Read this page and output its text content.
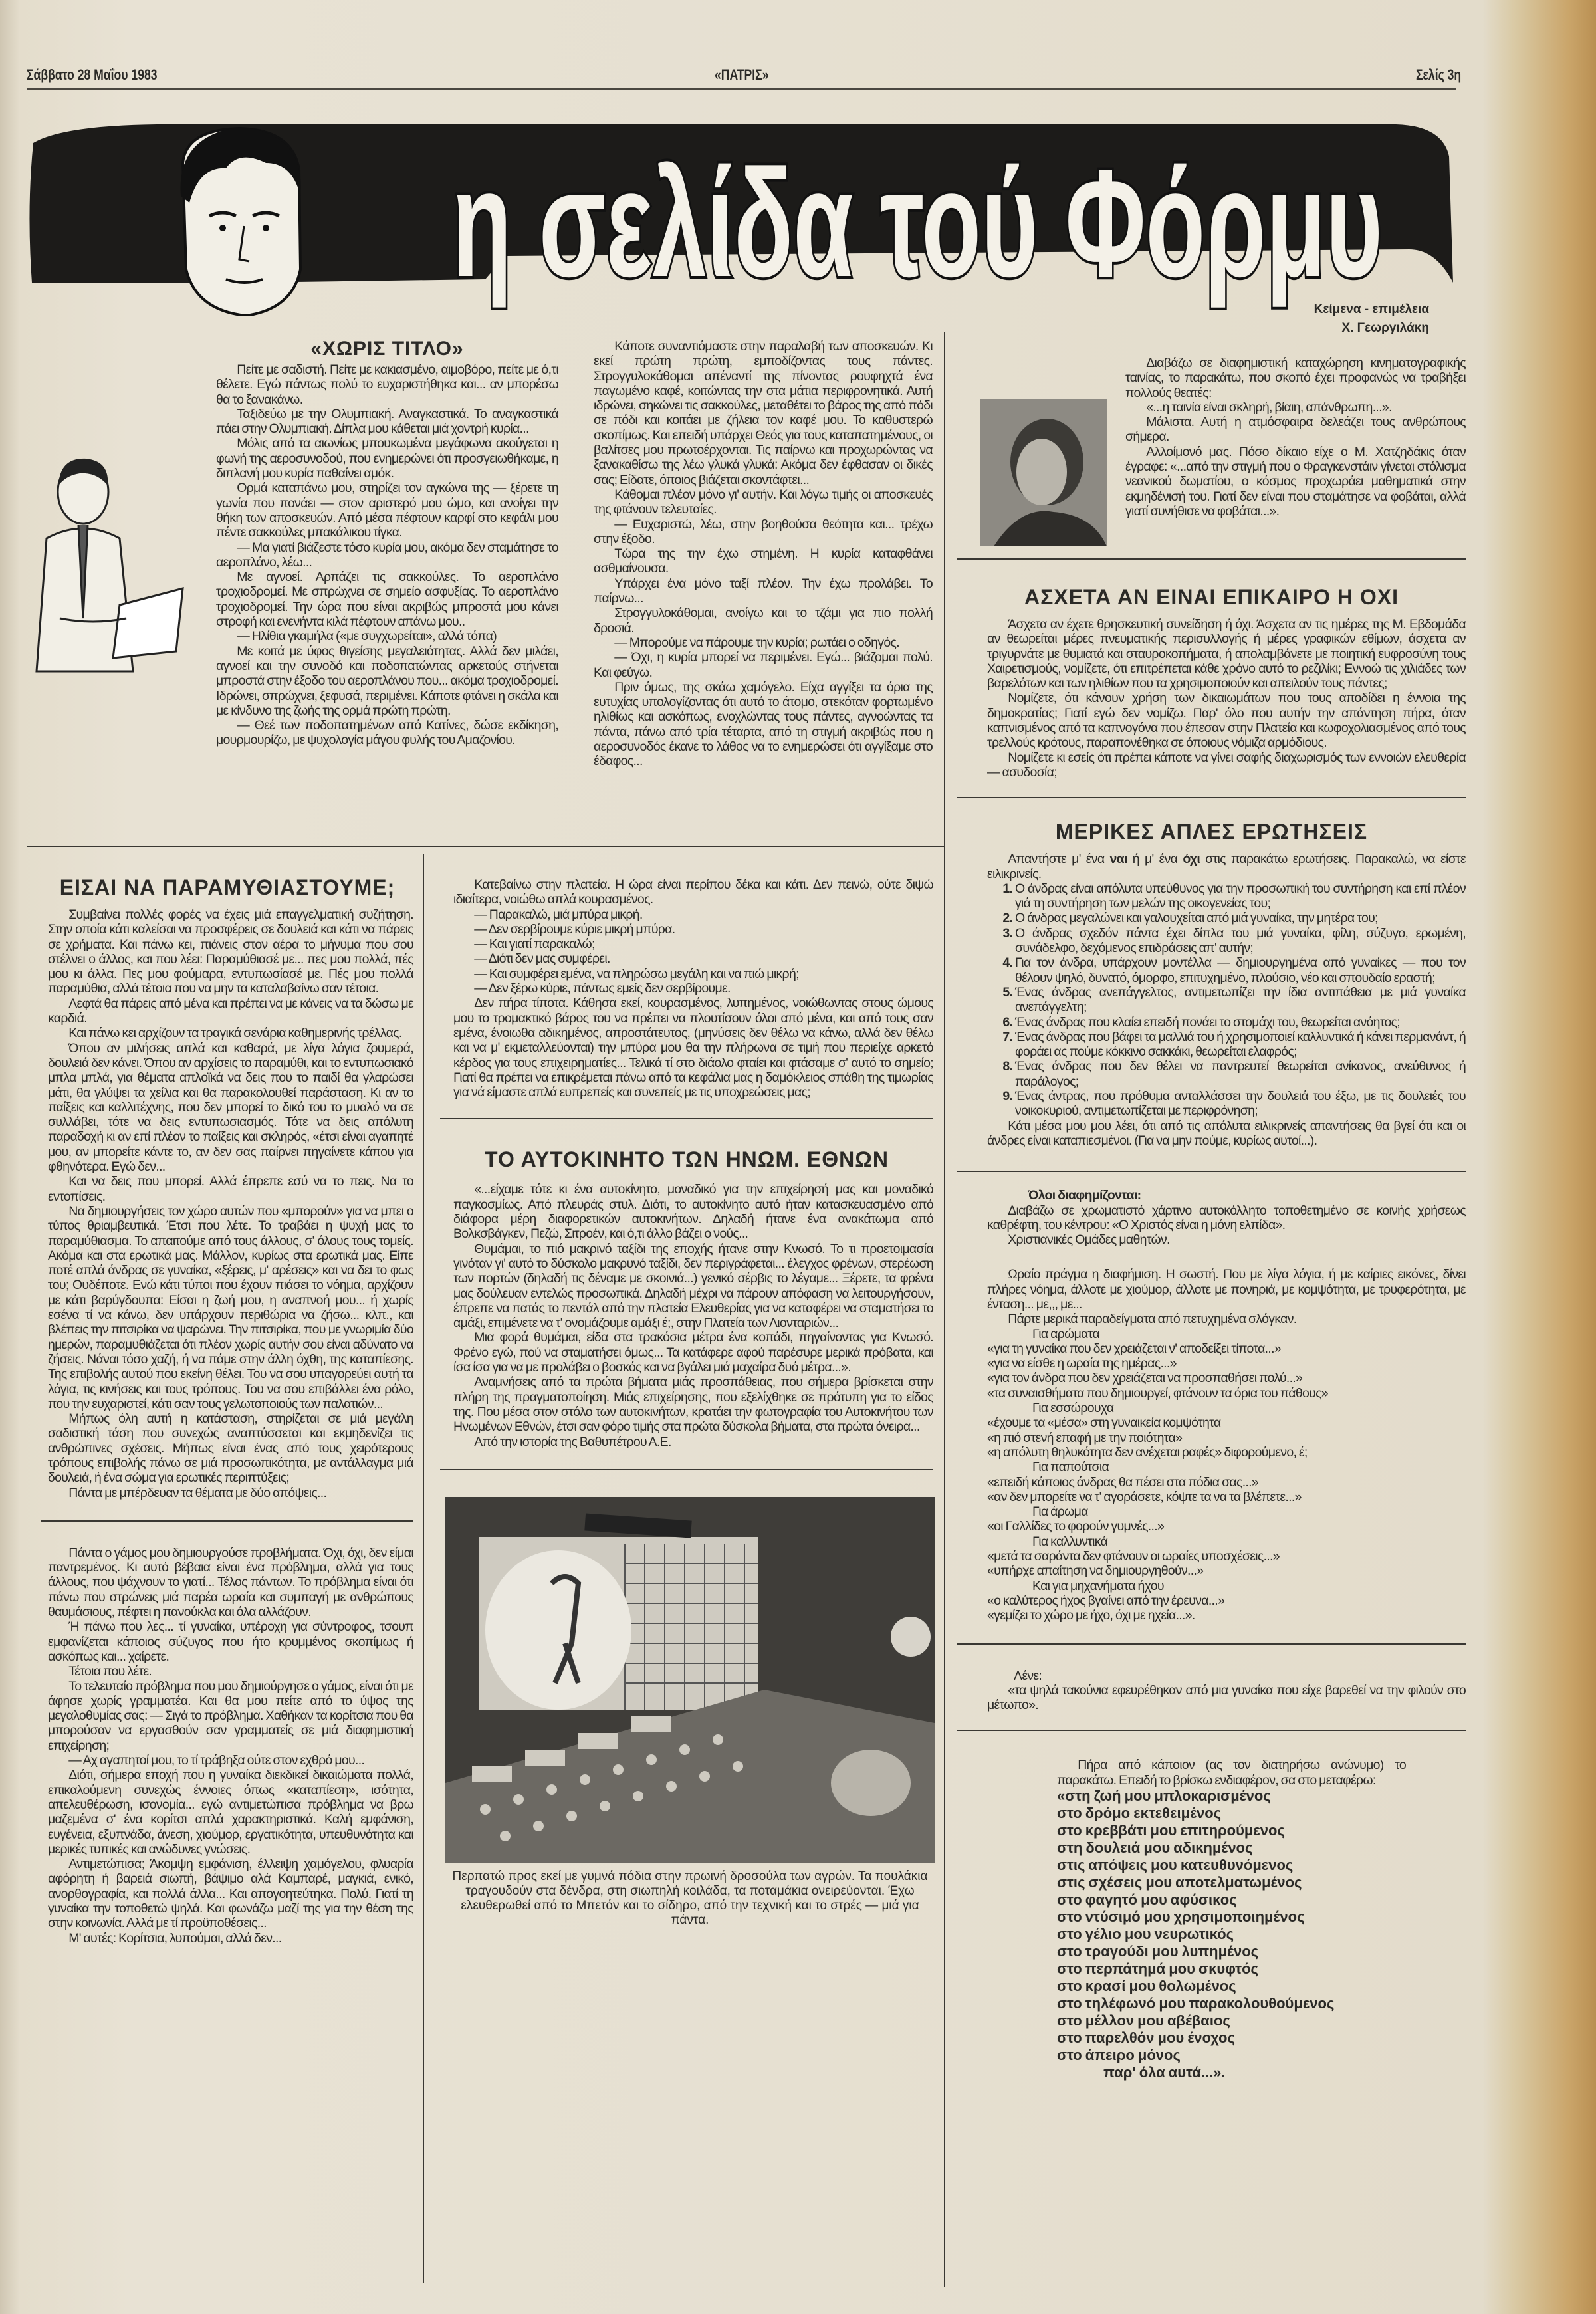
Σάββατο 28 Μαΐου 1983	«ΠΑΤΡΙΣ»	Σελίς 3η
η σελίδα τού Φόρμυ
Κείμενα - επιμέλεια
Χ. Γεωργιλάκη
«ΧΩΡΙΣ ΤΙΤΛΟ»

Πείτε με σαδιστή. Πείτε με κακιασμένο, αιμοβόρο, πείτε με ό,τι θέλετε. Εγώ πάντως πολύ το ευχαριστήθηκα και... αν μπορέσω θα το ξανακάνω.

Ταξιδεύω με την Ολυμπιακή. Αναγκαστικά. Το αναγκαστικά πάει στην Ολυμπιακή. Δίπλα μου κάθεται μιά χοντρή κυρία...

Μόλις από τα αιωνίως μπουκωμένα μεγάφωνα ακούγεται η φωνή της αεροσυνοδού, που ενημερώνει ότι προσγειωθήκαμε, η διπλανή μου κυρία παθαίνει αμόκ.

Ορμά καταπάνω μου, στηρίζει τον αγκώνα της — ξέρετε τη γωνία που πονάει — στον αριστερό μου ώμο, και ανοίγει την θήκη των αποσκευών. Από μέσα πέφτουν καρφί στο κεφάλι μου πέντε σακκούλες μπακάλικου τίγκα.

— Μα γιατί βιάζεστε τόσο κυρία μου, ακόμα δεν σταμάτησε το αεροπλάνο, λέω...

Με αγνοεί. Αρπάζει τις σακκούλες. Το αεροπλάνο τροχιοδρομεί. Με σπρώχνει σε σημείο ασφυξίας. Το αεροπλάνο τροχιοδρομεί. Την ώρα που είναι ακριβώς μπροστά μου κάνει στροφή και ενενήντα κιλά πέφτουν απάνω μου..

— Ηλίθια γκαμήλα («με συγχωρείται», αλλά τόπα)

Με κοιτά με ύφος θιγείσης μεγαλειότητας. Αλλά δεν μιλάει, αγνοεί και την συνοδό και ποδοπατώντας αρκετούς στήνεται μπροστά στην έξοδο του αεροπλάνου που... ακόμα τροχιοδρομεί. Ιδρώνει, σπρώχνει, ξεφυσά, περιμένει. Κάποτε φτάνει η σκάλα και με κίνδυνο της ζωής της ορμά πρώτη πρώτη.

— Θεέ των ποδοπατημένων από Κατίνες, δώσε εκδίκηση, μουρμουρίζω, με ψυχολογία μάγου φυλής του Αμαζονίου.

Κάποτε συναντιόμαστε στην παραλαβή των αποσκευών. Κι εκεί πρώτη πρώτη, εμποδίζοντας τους πάντες. Στρογγυλοκάθομαι απέναντί της πίνοντας ρουφηχτά ένα παγωμένο καφέ, κοιτώντας την στα μάτια περιφρονητικά. Αυτή ιδρώνει, σηκώνει τις σακκούλες, μεταθέτει το βάρος της από πόδι σε πόδι και κοιτάει με ζήλεια τον καφέ μου. Το καθυστερώ σκοπίμως. Και επειδή υπάρχει Θεός για τους καταπατημένους, οι βαλίτσες μου πρωτοέρχονται. Τις παίρνω και προχωρώντας να ξανακαθίσω της λέω γλυκά γλυκά: Ακόμα δεν έφθασαν οι δικές σας; Είδατε, όποιος βιάζεται σκοντάφτει...

Κάθομαι πλέον μόνο γι' αυτήν. Και λόγω τιμής οι αποσκευές της φτάνουν τελευταίες.

— Ευχαριστώ, λέω, στην βοηθούσα θεότητα και... τρέχω στην έξοδο.

Τώρα της την έχω στημένη. Η κυρία καταφθάνει ασθμαίνουσα.

Υπάρχει ένα μόνο ταξί πλέον. Την έχω προλάβει. Το παίρνω...

Στρογγυλοκάθομαι, ανοίγω και το τζάμι για πιο πολλή δροσιά.

— Μπορούμε να πάρουμε την κυρία; ρωτάει ο οδηγός.

— Όχι, η κυρία μπορεί να περιμένει. Εγώ... βιάζομαι πολύ. Και φεύγω.

Πριν όμως, της σκάω χαμόγελο. Είχα αγγίξει τα όρια της ευτυχίας υπολογίζοντας ότι αυτό το άτομο, στεκόταν φορτωμένο ηλιθίως και ασκόπως, ενοχλώντας τους πάντες, αγνοώντας τα πάντα, πάνω από τρία τέταρτα, από τη στιγμή ακριβώς που η αεροσυνοδός έκανε το λάθος να το ενημερώσει ότι αγγίξαμε στο έδαφος...

Διαβάζω σε διαφημιστική καταχώρηση κινηματογραφικής ταινίας, το παρακάτω, που σκοπό έχει προφανώς να τραβήξει πολλούς θεατές:

«...η ταινία είναι σκληρή, βίαιη, απάνθρωπη...».

Μάλιστα. Αυτή η ατμόσφαιρα δελεάζει τους ανθρώπους σήμερα.

Αλλοίμονό μας. Πόσο δίκαιο είχε ο Μ. Χατζηδάκις όταν έγραφε: «...από την στιγμή που ο Φραγκενστάιν γίνεται στόλισμα νεανικού δωματίου, ο κόσμος προχωράει μαθηματικά στην εκμηδένισή του. Γιατί δεν είναι που σταμάτησε να φοβάται, αλλά γιατί συνήθισε να φοβάται...».

ΑΣΧΕΤΑ ΑΝ ΕΙΝΑΙ ΕΠΙΚΑΙΡΟ Η ΟΧΙ

Άσχετα αν έχετε θρησκευτική συνείδηση ή όχι. Άσχετα αν τις ημέρες της Μ. Εβδομάδα αν θεωρείται μέρες πνευματικής περισυλλογής ή μέρες γραφικών εθίμων, άσχετα αν τριγυρνάτε με θυμιατά και σταυροκοπήματα, ή απολαμβάνετε με ποιητική ευφροσύνη τους Χαιρετισμούς, νομίζετε, ότι επιτρέπεται κάθε χρόνο αυτό το ρεζιλίκι; Εννοώ τις χιλιάδες των βαρελότων και των ηλιθίων που τα χρησιμοποιούν και απειλούν τους πάντες;

Νομίζετε, ότι κάνουν χρήση των δικαιωμάτων που τους αποδίδει η έννοια της δημοκρατίας; Γιατί εγώ δεν νομίζω. Παρ' όλο που αυτήν την απάντηση πήρα, όταν καπνισμένος από τα καπνογόνα που έπεσαν στην Πλατεία και κωφοχολιασμένος από τους τρελλούς κρότους, παραπονέθηκα σε όποιους νόμιζα αρμόδιους.

Νομίζετε κι εσείς ότι πρέπει κάποτε να γίνει σαφής διαχωρισμός των εννοιών ελευθερία — ασυδοσία;

ΜΕΡΙΚΕΣ ΑΠΛΕΣ ΕΡΩΤΗΣΕΙΣ

Απαντήστε μ' ένα ναι ή μ' ένα όχι στις παρακάτω ερωτήσεις. Παρακαλώ, να είστε ειλικρινείς.

1. Ο άνδρας είναι απόλυτα υπεύθυνος για την προσωπική του συντήρηση και επί πλέον γιά τη συντήρηση των μελών της οικογενείας του;
2. Ο άνδρας μεγαλώνει και γαλουχείται από μιά γυναίκα, την μητέρα του;
3. Ο άνδρας σχεδόν πάντα έχει δίπλα του μιά γυναίκα, φίλη, σύζυγο, ερωμένη, συνάδελφο, δεχόμενος επιδράσεις απ' αυτήν;
4. Για τον άνδρα, υπάρχουν μοντέλλα — δημιουργημένα από γυναίκες — που τον θέλουν ψηλό, δυνατό, όμορφο, επιτυχημένο, πλούσιο, νέο και σπουδαίο εραστή;
5. Ένας άνδρας ανεπάγγελτος, αντιμετωπίζει την ίδια αντιπάθεια με μιά γυναίκα ανεπάγγελτη;
6. Ένας άνδρας που κλαίει επειδή πονάει το στομάχι του, θεωρείται ανόητος;
7. Ένας άνδρας που βάφει τα μαλλιά του ή χρησιμοποιεί καλλυντικά ή κάνει περμανάντ, ή φοράει ας πούμε κόκκινο σακκάκι, θεωρείται ελαφρός;
8. Ένας άνδρας που δεν θέλει να παντρευτεί θεωρείται ανίκανος, ανεύθυνος ή παράλογος;
9. Ένας άντρας, που πρόθυμα ανταλλάσσει την δουλειά του έξω, με τις δουλειές του νοικοκυριού, αντιμετωπίζεται με περιφρόνηση;

Κάτι μέσα μου μου λέει, ότι από τις απόλυτα ειλικρινείς απαντήσεις θα βγεί ότι και οι άνδρες είναι καταπιεσμένοι. (Για να μην πούμε, κυρίως αυτοί...).

Όλοι διαφημίζονται:

Διαβάζω σε χρωματιστό χάρτινο αυτοκόλλητο τοποθετημένο σε κοινής χρήσεως καθρέφτη, του κέντρου: «Ο Χριστός είναι η μόνη ελπίδα».

Χριστιανικές Ομάδες μαθητών.

Ωραίο πράγμα η διαφήμιση. Η σωστή. Που με λίγα λόγια, ή με καίριες εικόνες, δίνει πλήρες νόημα, άλλοτε με χιούμορ, άλλοτε με πονηριά, με κομψότητα, με τρυφερότητα, με ένταση... με,,, με...

Πάρτε μερικά παραδείγματα από πετυχημένα σλόγκαν.

Για αρώματα

«για τη γυναίκα που δεν χρειάζεται ν' αποδείξει τίποτα...»

«για να είσθε η ωραία της ημέρας...»

«για τον άνδρα που δεν χρειάζεται να προσπαθήσει πολύ...»

«τα συναισθήματα που δημιουργεί, φτάνουν τα όρια του πάθους»

Για εσσώρουχα

«έχουμε τα «μέσα» στη γυναικεία κομψότητα

«η πιό στενή επαφή με την ποιότητα»

«η απόλυτη θηλυκότητα δεν ανέχεται ραφές» διφορούμενο, έ;

Για παπούτσια

«επειδή κάποιος άνδρας θα πέσει στα πόδια σας...»

«αν δεν μπορείτε να τ' αγοράσετε, κόψτε τα να τα βλέπετε...»

Για άρωμα

«οι Γαλλίδες το φορούν γυμνές...»

Για καλλυντικά

«μετά τα σαράντα δεν φτάνουν οι ωραίες υποσχέσεις...»

«υπήρχε απαίτηση να δημιουργηθούν...»

Και για μηχανήματα ήχου

«ο καλύτερος ήχος βγαίνει από την έρευνα...»

«γεμίζει το χώρο με ήχο, όχι με ηχεία...».

Λένε:

«τα ψηλά τακούνια εφευρέθηκαν από μια γυναίκα που είχε βαρεθεί να την φιλούν στο μέτωπο».

Πήρα από κάποιον (ας τον διατηρήσω ανώνυμο) το παρακάτω. Επειδή το βρίσκω ενδιαφέρον, σα στο μεταφέρω:

«στη ζωή μου μπλοκαρισμένος
στο δρόμο εκτεθειμένος
στο κρεββάτι μου επιτηρούμενος
στη δουλειά μου αδικημένος
στις απόψεις μου κατευθυνόμενος
στις σχέσεις μου αποτελματωμένος
στο φαγητό μου αφύσικος
στο ντύσιμό μου χρησιμοποιημένος
στο γέλιο μου νευρωτικός
στο τραγούδι μου λυπημένος
στο περπάτημά μου σκυφτός
στο κρασί μου θολωμένος
στο τηλέφωνό μου παρακολουθούμενος
στο μέλλον μου αβέβαιος
στο παρελθόν μου ένοχος
στο άπειρο μόνος
παρ' όλα αυτά...».
ΕΙΣΑΙ ΝΑ ΠΑΡΑΜΥΘΙΑΣΤΟΥΜΕ;

Συμβαίνει πολλές φορές να έχεις μιά επαγγελματική συζήτηση. Στην οποία κάτι καλείσαι να προσφέρεις σε δουλειά και κάτι να πάρεις σε χρήματα. Και πάνω κει, πιάνεις στον αέρα το μήνυμα που σου στέλνει ο άλλος, και που λέει: Παραμύθιασέ με... πες μου πολλά, πές μου κι άλλα. Πες μου φούμαρα, εντυπωσίασέ με. Πές μου πολλά παραμύθια, αλλά τέτοια που να μην τα καταλαβαίνω σαν τέτοια.

Λεφτά θα πάρεις από μένα και πρέπει να με κάνεις να τα δώσω με καρδιά.

Και πάνω κει αρχίζουν τα τραγικά σενάρια καθημερινής τρέλλας.

Όπου αν μιλήσεις απλά και καθαρά, με λίγα λόγια ζουμερά, δουλειά δεν κάνει. Όπου αν αρχίσεις το παραμύθι, και το εντυπωσιακό μπλα μπλά, για θέματα απλοϊκά να δεις που το παιδί θα γλαρώσει μάτι, θα γλύψει τα χείλια και θα παρακολουθεί παράσταση. Κι αν το παίξεις και καλλιτέχνης, που δεν μπορεί το δικό του το μυαλό να σε συλλάβει, τότε να δεις εντυπωσιασμός. Τότε να δεις απόλυτη παραδοχή κι αν επί πλέον το παίξεις και σκληρός, «έτσι είναι αγαπητέ μου, αν μπορείτε κάντε το, αν δεν σας παίρνει πηγαίνετε κάπου για φθηνότερα. Εγώ δεν...

Και να δεις που μπορεί. Αλλά έπρεπε εσύ να το πεις. Να το εντοπίσεις.

Να δημιουργήσεις τον χώρο αυτών που «μπορούν» για να μπει ο τύπος θριαμβευτικά. Έτσι που λέτε. Το τραβάει η ψυχή μας το παραμύθιασμα. Το απαιτούμε από τους άλλους, σ' όλους τους τομείς. Ακόμα και στα ερωτικά μας. Μάλλον, κυρίως στα ερωτικά μας. Είπε ποτέ απλά άνδρας σε γυναίκα, «ξέρεις, μ' αρέσεις» και να δει το φως του; Ουδέποτε. Ενώ κάτι τύποι που έχουν πιάσει το νόημα, αρχίζουν με κάτι βαρύγδουπα: Είσαι η ζωή μου, η αναπνοή μου... ή χωρίς εσένα τί να κάνω, δεν υπάρχουν περιθώρια να ζήσω... κλπ., και βλέπεις την πιτσιρίκα να ψαρώνει. Την πιτσιρίκα, που με γνωριμία δύο ημερών, παραμυθιάζεται ότι πλέον χωρίς αυτήν σου είναι αδύνατο να ζήσεις. Νάναι τόσο χαζή, ή να πάμε στην άλλη όχθη, της καταπίεσης. Της επιβολής αυτού που εκείνη θέλει. Του να σου υπαγορεύει αυτή τα λόγια, τις κινήσεις και τους τρόπους. Του να σου επιβάλλει ένα ρόλο, που την ευχαριστεί, κάτι σαν τους γελωτοποιούς των παλατιών...

Μήπως όλη αυτή η κατάσταση, στηρίζεται σε μιά μεγάλη σαδιστική τάση που συνεχώς αναπτύσσεται και εκμηδενίζει τις ανθρώπινες σχέσεις. Μήπως είναι ένας από τους χειρότερους τρόπους επιβολής πάνω σε μιά προσωπικότητα, με αντάλλαγμα μιά δουλειά, ή ένα σώμα για ερωτικές περιπτύξεις;

Πάντα με μπέρδευαν τα θέματα με δύο απόψεις...

Πάντα ο γάμος μου δημιουργούσε προβλήματα. Όχι, όχι, δεν είμαι παντρεμένος. Κι αυτό βέβαια είναι ένα πρόβλημα, αλλά για τους άλλους, που ψάχνουν το γιατί... Τέλος πάντων. Το πρόβλημα είναι ότι πάνω που στρώνεις μιά παρέα ωραία και συμπαγή με ανθρώπους θαυμάσιους, πέφτει η πανούκλα και όλα αλλάζουν.

Ή πάνω που λες... τί γυναίκα, υπέροχη για σύντροφος, τσουπ εμφανίζεται κάποιος σύζυγος που ήτο κρυμμένος σκοπίμως ή ασκόπως και... χαίρετε.

Τέτοια που λέτε.

Το τελευταίο πρόβλημα που μου δημιούργησε ο γάμος, είναι ότι με άφησε χωρίς γραμματέα. Και θα μου πείτε από το ύψος της μεγαλοθυμίας σας: — Σιγά το πρόβλημα. Χαθήκαν τα κορίτσια που θα μπορούσαν να εργασθούν σαν γραμματείς σε μιά διαφημιστική επιχείρηση;

— Αχ αγαπητοί μου, το τί τράβηξα ούτε στον εχθρό μου...

Διότι, σήμερα εποχή που η γυναίκα διεκδικεί δικαιώματα πολλά, επικαλούμενη συνεχώς έννοιες όπως «καταπίεση», ισότητα, απελευθέρωση, ισονομία... εγώ αντιμετώπισα πρόβλημα να βρω μαζεμένα σ' ένα κορίτσι απλά χαρακτηριστικά. Καλή εμφάνιση, ευγένεια, εξυπνάδα, άνεση, χιούμορ, εργατικότητα, υπευθυνότητα και μερικές τυπικές και ανώδυνες γνώσεις.

Αντιμετώπισα; Άκομψη εμφάνιση, έλλειψη χαμόγελου, φλυαρία αφόρητη ή βαρειά σιωπή, βάψιμο αλά Καμπαρέ, μαγκιά, ενικό, ανορθογραφία, και πολλά άλλα... Και απογοητεύτηκα. Πολύ. Γιατί τη γυναίκα την τοποθετώ ψηλά. Και φωνάζω μαζί της για την θέση της στην κοινωνία. Αλλά με τί προϋποθέσεις...

Μ' αυτές: Κορίτσια, λυπούμαι, αλλά δεν...

Κατεβαίνω στην πλατεία. Η ώρα είναι περίπου δέκα και κάτι. Δεν πεινώ, ούτε διψώ ιδιαίτερα, νοιώθω απλά κουρασμένος.

— Παρακαλώ, μιά μπύρα μικρή.

— Δεν σερβίρουμε κύριε μικρή μπύρα.

— Και γιατί παρακαλώ;

— Διότι δεν μας συμφέρει.

— Και συμφέρει εμένα, να πληρώσω μεγάλη και να πιώ μικρή;

— Δεν ξέρω κύριε, πάντως εμείς δεν σερβίρουμε.

Δεν πήρα τίποτα. Κάθησα εκεί, κουρασμένος, λυπημένος, νοιώθωντας στους ώμους μου το τρομακτικό βάρος του να πρέπει να πλουτίσουν όλοι από μένα, και από τους σαν εμένα, ένοιωθα αδικημένος, απροστάτευτος, (μηνύσεις δεν θέλω να κάνω, αλλά δεν θέλω και να μ' εκμεταλλεύονται) την μπύρα μου θα την πλήρωνα σε τιμή που περιείχε αρκετό κέρδος για τους επιχειρηματίες... Τελικά τί στο διάολο φταίει και φτάσαμε σ' αυτό το σημείο; Γιατί θα πρέπει να επικρέμεται πάνω από τα κεφάλια μας η δαμόκλειος σπάθη της τιμωρίας για νά είμαστε απλά ευπρεπείς και συνεπείς με τις υποχρεώσεις μας;

ΤΟ ΑΥΤΟΚΙΝΗΤΟ ΤΩΝ ΗΝΩΜ. ΕΘΝΩΝ

«...είχαμε τότε κι ένα αυτοκίνητο, μοναδικό για την επιχείρησή μας και μοναδικό παγκοσμίως. Από πλευράς στυλ. Διότι, το αυτοκίνητο αυτό ήταν κατασκευασμένο από διάφορα μέρη διαφορετικών αυτοκινήτων. Δηλαδή ήτανε ένα ανακάτωμα από Βολκσβάγκεν, Πεζώ, Σιτροέν, και ό,τι άλλο βάζει ο νούς...

Θυμάμαι, το πιό μακρινό ταξίδι της εποχής ήτανε στην Κνωσό. Το τι προετοιμασία γινόταν γι' αυτό το δύσκολο μακρυνό ταξίδι, δεν περιγράφεται... έλεγχος φρένων, στερέωση των πορτών (δηλαδή τις δέναμε με σκοινιά...) γενικό σέρβις το λέγαμε... Ξέρετε, τα φρένα μας δούλευαν εντελώς προσωπικά. Δηλαδή μέχρι να πάρουν απόφαση να λειτουργήσουν, έπρεπε να πατάς το πεντάλ από την πλατεία Ελευθερίας για να καταφέρει να σταματήσει το αμάξι, επιμένετε να τ' ονομάζουμε αμάξι έ;, στην Πλατεία των Λιονταριών...

Μια φορά θυμάμαι, είδα στα τρακόσια μέτρα ένα κοπάδι, πηγαίνοντας για Κνωσό. Φρένο εγώ, πού να σταματήσει όμως... Τα κατάφερε αφού παρέσυρε μερικά πρόβατα, και ίσα ίσα για να με προλάβει ο βοσκός και να βγάλει μιά μαχαίρα δυό μέτρα...».

Αναμνήσεις από τα πρώτα βήματα μιάς προσπάθειας, που σήμερα βρίσκεται στην πλήρη της πραγματοποίηση. Μιάς επιχείρησης, που εξελίχθηκε σε πρότυπη για το είδος της. Που μέσα στον στόλο των αυτοκινήτων, κρατάει την φωτογραφία του Αυτοκινήτου των Ηνωμένων Εθνών, έτσι σαν φόρο τιμής στα πρώτα δύσκολα βήματα, στα πρώτα όνειρα...

Από την ιστορία της Βαθυπέτρου Α.Ε.

Περπατώ προς εκεί με γυμνά πόδια στην πρωινή δροσούλα των αγρών. Τα πουλάκια τραγουδούν στα δένδρα, στη σιωπηλή κοιλάδα, τα ποταμάκια ονειρεύονται. Έχω ελευθερωθεί από το Μπετόν και το σίδηρο, από την τεχνική και το στρές — μιά για πάντα.
